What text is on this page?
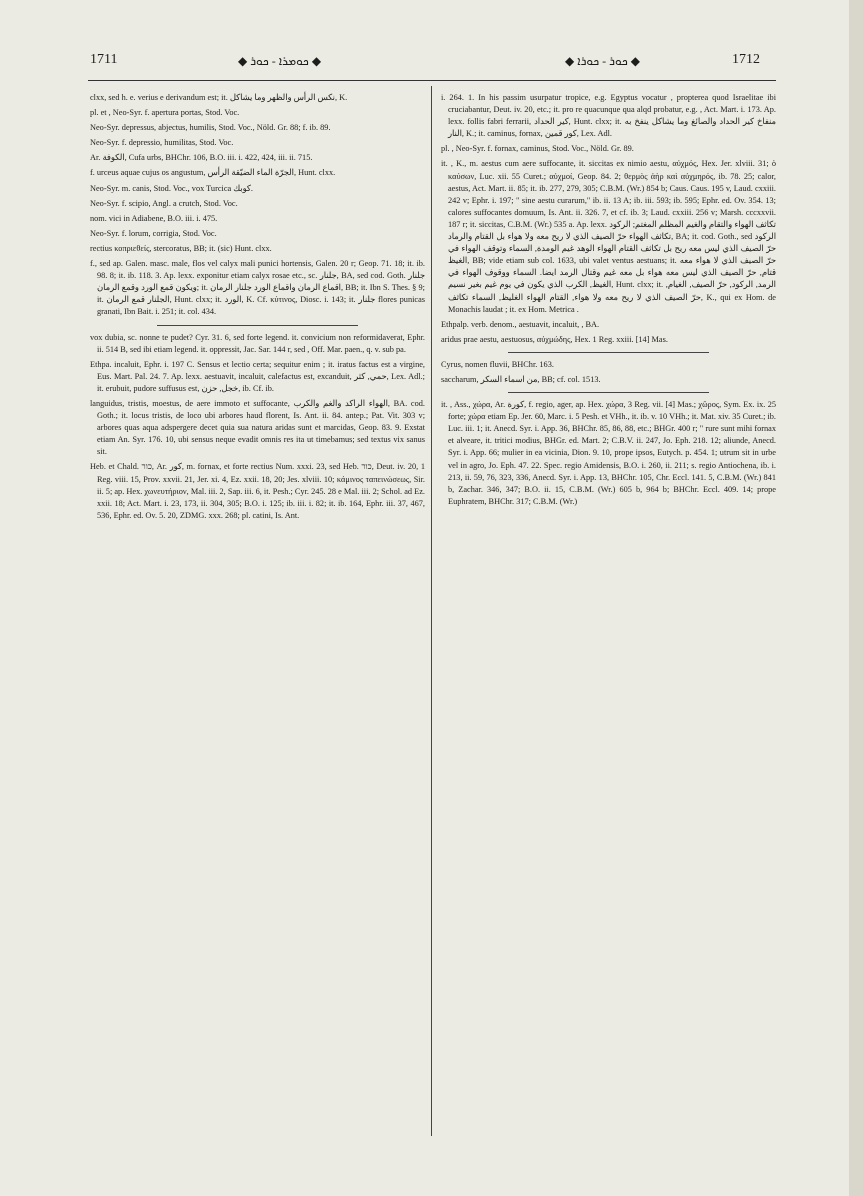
1711	◆ ܟܘܡܪܐ - ܟܘܪ ◆	◆ ܟܘܪ - ܟܘܪܐ ◆	1712

clxx, sed h. e. verius e derivandum est; it. نكس الرأس والظهر وما يشاكل, K.

pl. et , Neo-Syr. f. apertura portas, Stod. Voc.

Neo-Syr. depressus, abjectus, humilis, Stod. Voc., Nöld. Gr. 88; f. ib. 89.

Neo-Syr. f. depressio, humilitas, Stod. Voc.

Ar. الكوفة, Cufa urbs, BHChr. 106, B.O. iii. i. 422, 424, iii. ii. 715.

f. urceus aquae cujus os angustum, الجرّة الماء الضيّقة الرأس, Hunt. clxx.

Neo-Syr. m. canis, Stod. Voc., vox Turcica كوبك.

Neo-Syr. f. scipio, Angl. a crutch, Stod. Voc.

nom. vici in Adiabene, B.O. iii. i. 475.

Neo-Syr. f. lorum, corrigia, Stod. Voc.

rectius κοπριεθείς, stercoratus, BB; it. (sic) Hunt. clxx.

f., sed ap. Galen. masc. male, flos vel calyx mali punici hortensis, Galen. 20 r; Geop. 71. 18; it. ib. 98. 8; it. ib. 118. 3. Ap. lexx. exponitur etiam calyx rosae etc., sc. جلنار, BA, sed cod. Goth. جلنار ويكون قمع الورد وقمع الرمان; it. اقماع الرمان واقماع الورد جلنار الرمان, BB; it. Ibn S. Thes. § 9; it. الجلنار قمع الرمان, Hunt. clxx; it. الورد, K. Cf. κύτινος, Diosc. i. 143; it. جلنار flores punicas granati, Ibn Bait. i. 251; it. col. 434.

vox dubia, sc. nonne te pudet? Cyr. 31. 6, sed forte legend. it. convicium non reformidaverat, Ephr. ii. 514 B, sed ibi etiam legend. it. oppressit, Jac. Sar. 144 r, sed , Off. Mar. paen., q. v. sub pa.

Ethpa. incaluit, Ephr. i. 197 C. Sensus et lectio certa; sequitur enim ; it. iratus factus est a virgine, Eus. Mart. Pal. 24. 7. Ap. lexx. aestuavit, incaluit, calefactus est, excanduit, حمي, كثر, Lex. Adl.; it. erubuit, pudore suffusus est, خجل, حزن, ib. Cf. ib.

languidus, tristis, moestus, de aere immoto et suffocante, الهواء الراكد والغم والكرب, BA. cod. Goth.; it. locus tristis, de loco ubi arbores haud florent, Is. Ant. ii. 84. antep.; Pat. Vit. 303 v; arbores quas aqua adspergere decet quia sua natura aridas sunt et marcidas, Geop. 83. 9. Exstat etiam An. Syr. 176. 10, ubi sensus neque evadit omnis res ita ut timebamus; sed textus vix sanus sit.

Heb. et Chald. כור, Ar. كور, m. fornax, et forte rectius Num. xxxi. 23, sed Heb. כור, Deut. iv. 20, 1 Reg. viii. 15, Prov. xxvii. 21, Jer. xi. 4, Ez. xxii. 18, 20; Jes. xlviii. 10; κάμινος ταπεινώσεως, Sir. ii. 5; ap. Hex. χωνευτήριον, Mal. iii. 2, Sap. iii. 6, it. Pesh.; Cyr. 245. 28 e Mal. iii. 2; Schol. ad Ez. xxii. 18; Act. Mart. i. 23, 173, ii. 304, 305; B.O. i. 125; ib. iii. i. 82; it. ib. 164, Ephr. iii. 37, 467, 536, Ephr. ed. Ov. 5. 20, ZDMG. xxx. 268; pl. catini, Is. Ant.

i. 264. 1. In his passim usurpatur tropice, e.g. Egyptus vocatur , propterea quod Israelitae ibi cruciabantur, Deut. iv. 20, etc.; it. pro re quacunque qua alqd probatur, e.g. , Act. Mart. i. 173. Ap. lexx. follis fabri ferrarii, كير الحداد, Hunt. clxx; it. منفاخ كير الحداد والصائغ وما يشاكل ينفخ به النار, K.; it. caminus, fornax, كور قمين, Lex. Adl.

pl. , Neo-Syr. f. fornax, caminus, Stod. Voc., Nöld. Gr. 89.

it. , K., m. aestus cum aere suffocante, it. siccitas ex nimio aestu, αὐχμός, Hex. Jer. xlviii. 31; ὁ καύσων, Luc. xii. 55 Curet.; αὐχμοί, Geop. 84. 2; θερμὸς ἀὴρ καὶ αὐχμηρός, ib. 78. 25; calor, aestus, Act. Mart. ii. 85; it. ib. 277, 279, 305; C.B.M. (Wr.) 854 b; Caus. Caus. 195 v, Laud. cxxiii. 242 v; Ephr. i. 197; " sine aestu curarum," ib. ii. 13 A; ib. iii. 593; ib. 595; Ephr. ed. Ov. 354. 13; calores suffocantes domuum, Is. Ant. ii. 326. 7, et cf. ib. 3; Laud. cxxiii. 256 v; Marsh. cccxxvii. 187 r; it. siccitas, C.B.M. (Wr.) 535 a. Ap. lexx. تكاثف الهواء والتقام والغيم المظلم المغتم; الركود تكاثف الهواء حرّ الصيف الذي لا ريح معه ولا هواء بل القتام والرماد, BA; it. cod. Goth., sed الركود حرّ الصيف الذي ليس معه ريح بل تكاثف القتام الهواء الوهد غيم الومدة, السماء وتوقف الهواء في الغيظ, BB; vide etiam sub col. 1633, ubi valet ventus aestuans; it. حرّ الصيف الذي لا هواء معه قتام, حرّ الصيف الذي ليس معه هواء بل معه غيم وقتال الرمد ايضا. السماء ووقوف الهواء في الغيظ, الكرب الذي يكون في يوم غيم بغير نسيم, Hunt. clxx; it. الرمد, الركود, حرّ الصيف, الغيام, حرّ الصيف الذي لا ريح معه ولا هواء, القتام الهواء الغليظ, السماء تكاثف, K., qui ex Hom. de Monachis laudat ; it. ex Hom. Metrica .

Ethpalp. verb. denom., aestuavit, incaluit, , BA.

aridus prae aestu, aestuosus, αὐχμώδης, Hex. 1 Reg. xxiii. [14] Mas.

Cyrus, nomen fluvii, BHChr. 163.

saccharum, من اسماء السكر, BB; cf. col. 1513.

it. , Ass., χώρα, Ar. كورة, f. regio, ager, ap. Hex. χώρα, 3 Reg. vii. [4] Mas.; χῶρος, Sym. Ex. ix. 25 forte; χώρα etiam Ep. Jer. 60, Marc. i. 5 Pesh. et VHh., it. ib. v. 10 VHh.; it. Mat. xiv. 35 Curet.; ib. Luc. iii. 1; it. Anecd. Syr. i. App. 36, BHChr. 85, 86, 88, etc.; BHGr. 400 r; " rure sunt mihi fornax et alveare, it. tritici modius, BHGr. ed. Mart. 2; C.B.V. ii. 247, Jo. Eph. 218. 12; aliunde, Anecd. Syr. i. App. 66; mulier in ea vicinia, Dion. 9. 10, prope ipsos, Eutych. p. 454. 1; utrum sit in urbe vel in agro, Jo. Eph. 47. 22. Spec. regio Amidensis, B.O. i. 260, ii. 211; s. regio Antiochena, ib. i. 213, ii. 59, 76, 323, 336, Anecd. Syr. i. App. 13, BHChr. 105, Chr. Eccl. 141. 5, C.B.M. (Wr.) 841 b, Zachar. 346, 347; B.O. ii. 15, C.B.M. (Wr.) 605 b, 964 b; BHChr. Eccl. 409. 14; prope Euphratem, BHChr. 317; C.B.M. (Wr.)
